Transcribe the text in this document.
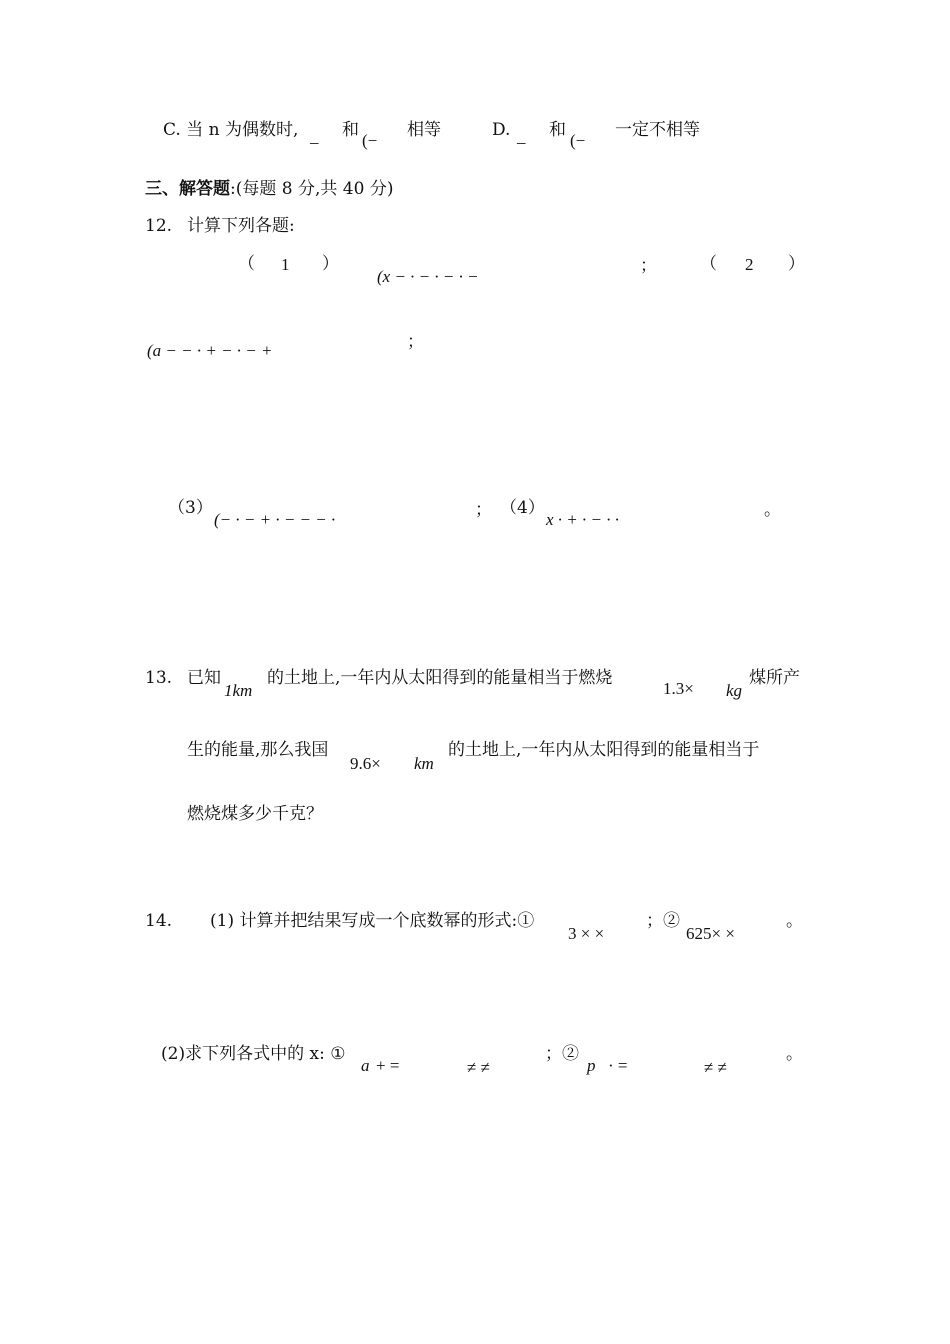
C. 当 n 为偶数时, _ 和
(−
相等	D. _ 和
(−
一定不相等
三、解答题:(每题 8 分,共 40 分)
12. 计算下列各题:
（ 1 ）
(x − · − · − · −
；	（ 2 ）
(a − − · + − · − +	；
（3）
(− · − + · − − − ·	； （4）
x · + · − · ·	。
13. 已知
1km
的土地上,一年内从太阳得到的能量相当于燃烧
1.3× kg
煤所产
生的能量,那么我国
9.6× km
的土地上,一年内从太阳得到的能量相当于
燃烧煤多少千克？
14. (1) 计算并把结果写成一个底数幂的形式:①
3 × ×
；②
625× ×
。
(2)求下列各式中的 x: ①
a + =	≠ ≠
；②
p · =	≠ ≠
。
